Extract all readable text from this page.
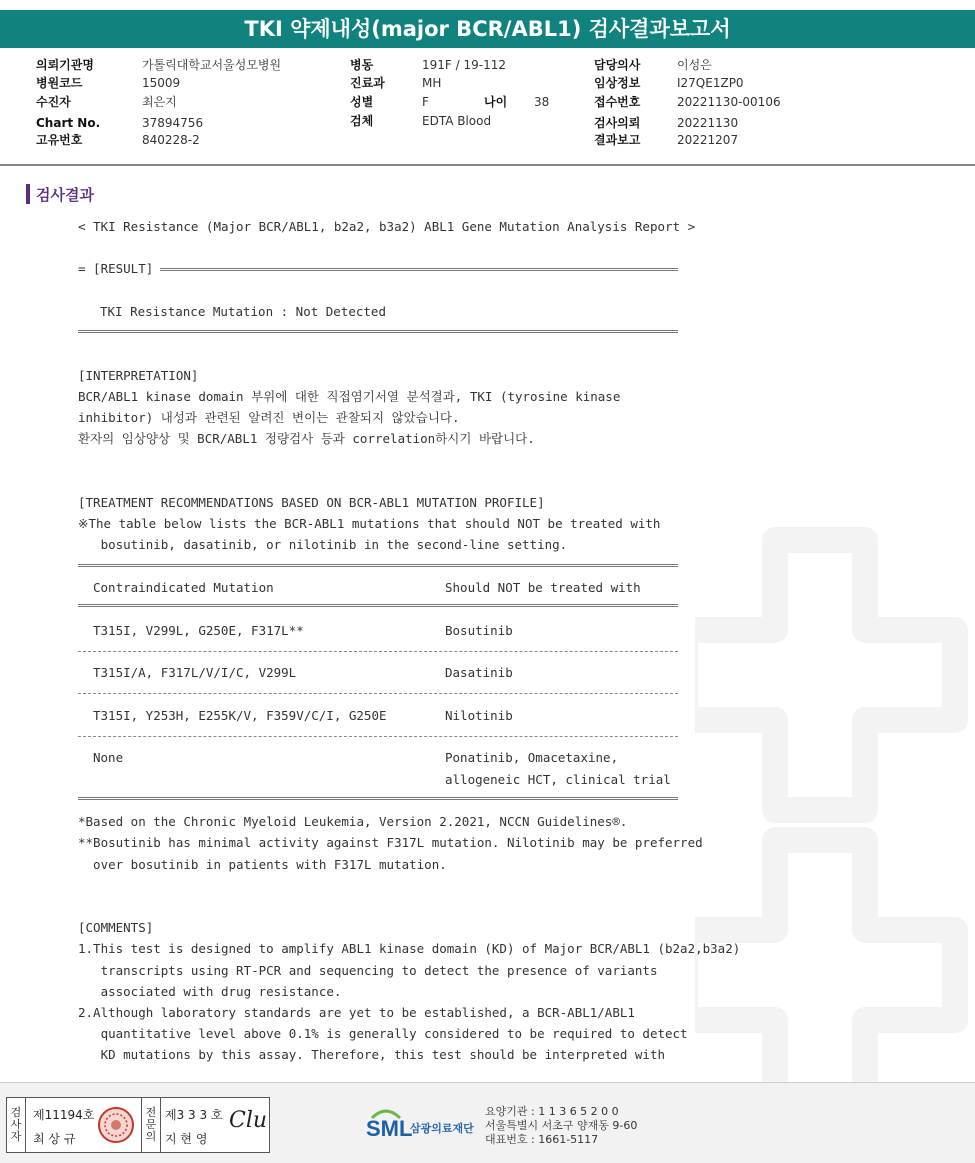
TKI 약제내성(major BCR/ABL1) 검사결과보고서
의뢰기관명	가톨릭대학교서울성모병원
병원코드	15009
수진자	최은지
Chart No.	37894756
고유번호	840228-2
병동	191F / 19-112
진료과	MH
성별	F	나이 38
검체	EDTA Blood
담당의사	이성은
임상정보	I27QE1ZP0
접수번호	20221130-00106
검사의뢰	20221130
결과보고	20221207
검사결과
< TKI Resistance (Major BCR/ABL1, b2a2, b3a2) ABL1 Gene Mutation Analysis Report >
= [RESULT]
TKI Resistance Mutation : Not Detected
[INTERPRETATION]
BCR/ABL1 kinase domain 부위에 대한 직접염기서열 분석결과, TKI (tyrosine kinase
inhibitor) 내성과 관련된 알려진 변이는 관찰되지 않았습니다.
환자의 임상양상 및 BCR/ABL1 정량검사 등과 correlation하시기 바랍니다.
[TREATMENT RECOMMENDATIONS BASED ON BCR-ABL1 MUTATION PROFILE]
※The table below lists the BCR-ABL1 mutations that should NOT be treated with
bosutinib, dasatinib, or nilotinib in the second-line setting.
Contraindicated Mutation	Should NOT be treated with
T315I, V299L, G250E, F317L**	Bosutinib
T315I/A, F317L/V/I/C, V299L	Dasatinib
T315I, Y253H, E255K/V, F359V/C/I, G250E	Nilotinib
None	Ponatinib, Omacetaxine,
allogeneic HCT, clinical trial
*Based on the Chronic Myeloid Leukemia, Version 2.2021, NCCN Guidelines®.
**Bosutinib has minimal activity against F317L mutation. Nilotinib may be preferred
over bosutinib in patients with F317L mutation.
[COMMENTS]
1.This test is designed to amplify ABL1 kinase domain (KD) of Major BCR/ABL1 (b2a2,b3a2)
transcripts using RT-PCR and sequencing to detect the presence of variants
associated with drug resistance.
2.Although laboratory standards are yet to be established, a BCR-ABL1/ABL1
quantitative level above 0.1% is generally considered to be required to detect
KD mutations by this assay. Therefore, this test should be interpreted with
검사자
제11194호
최 상 규
전문의
제3 3 3 호
지 현 영
Clu	SML
삼광의료재단
요양기관 : 1 1 3 6 5 2 0 0
서울특별시 서초구 양재동 9-60
대표번호 : 1661-5117
